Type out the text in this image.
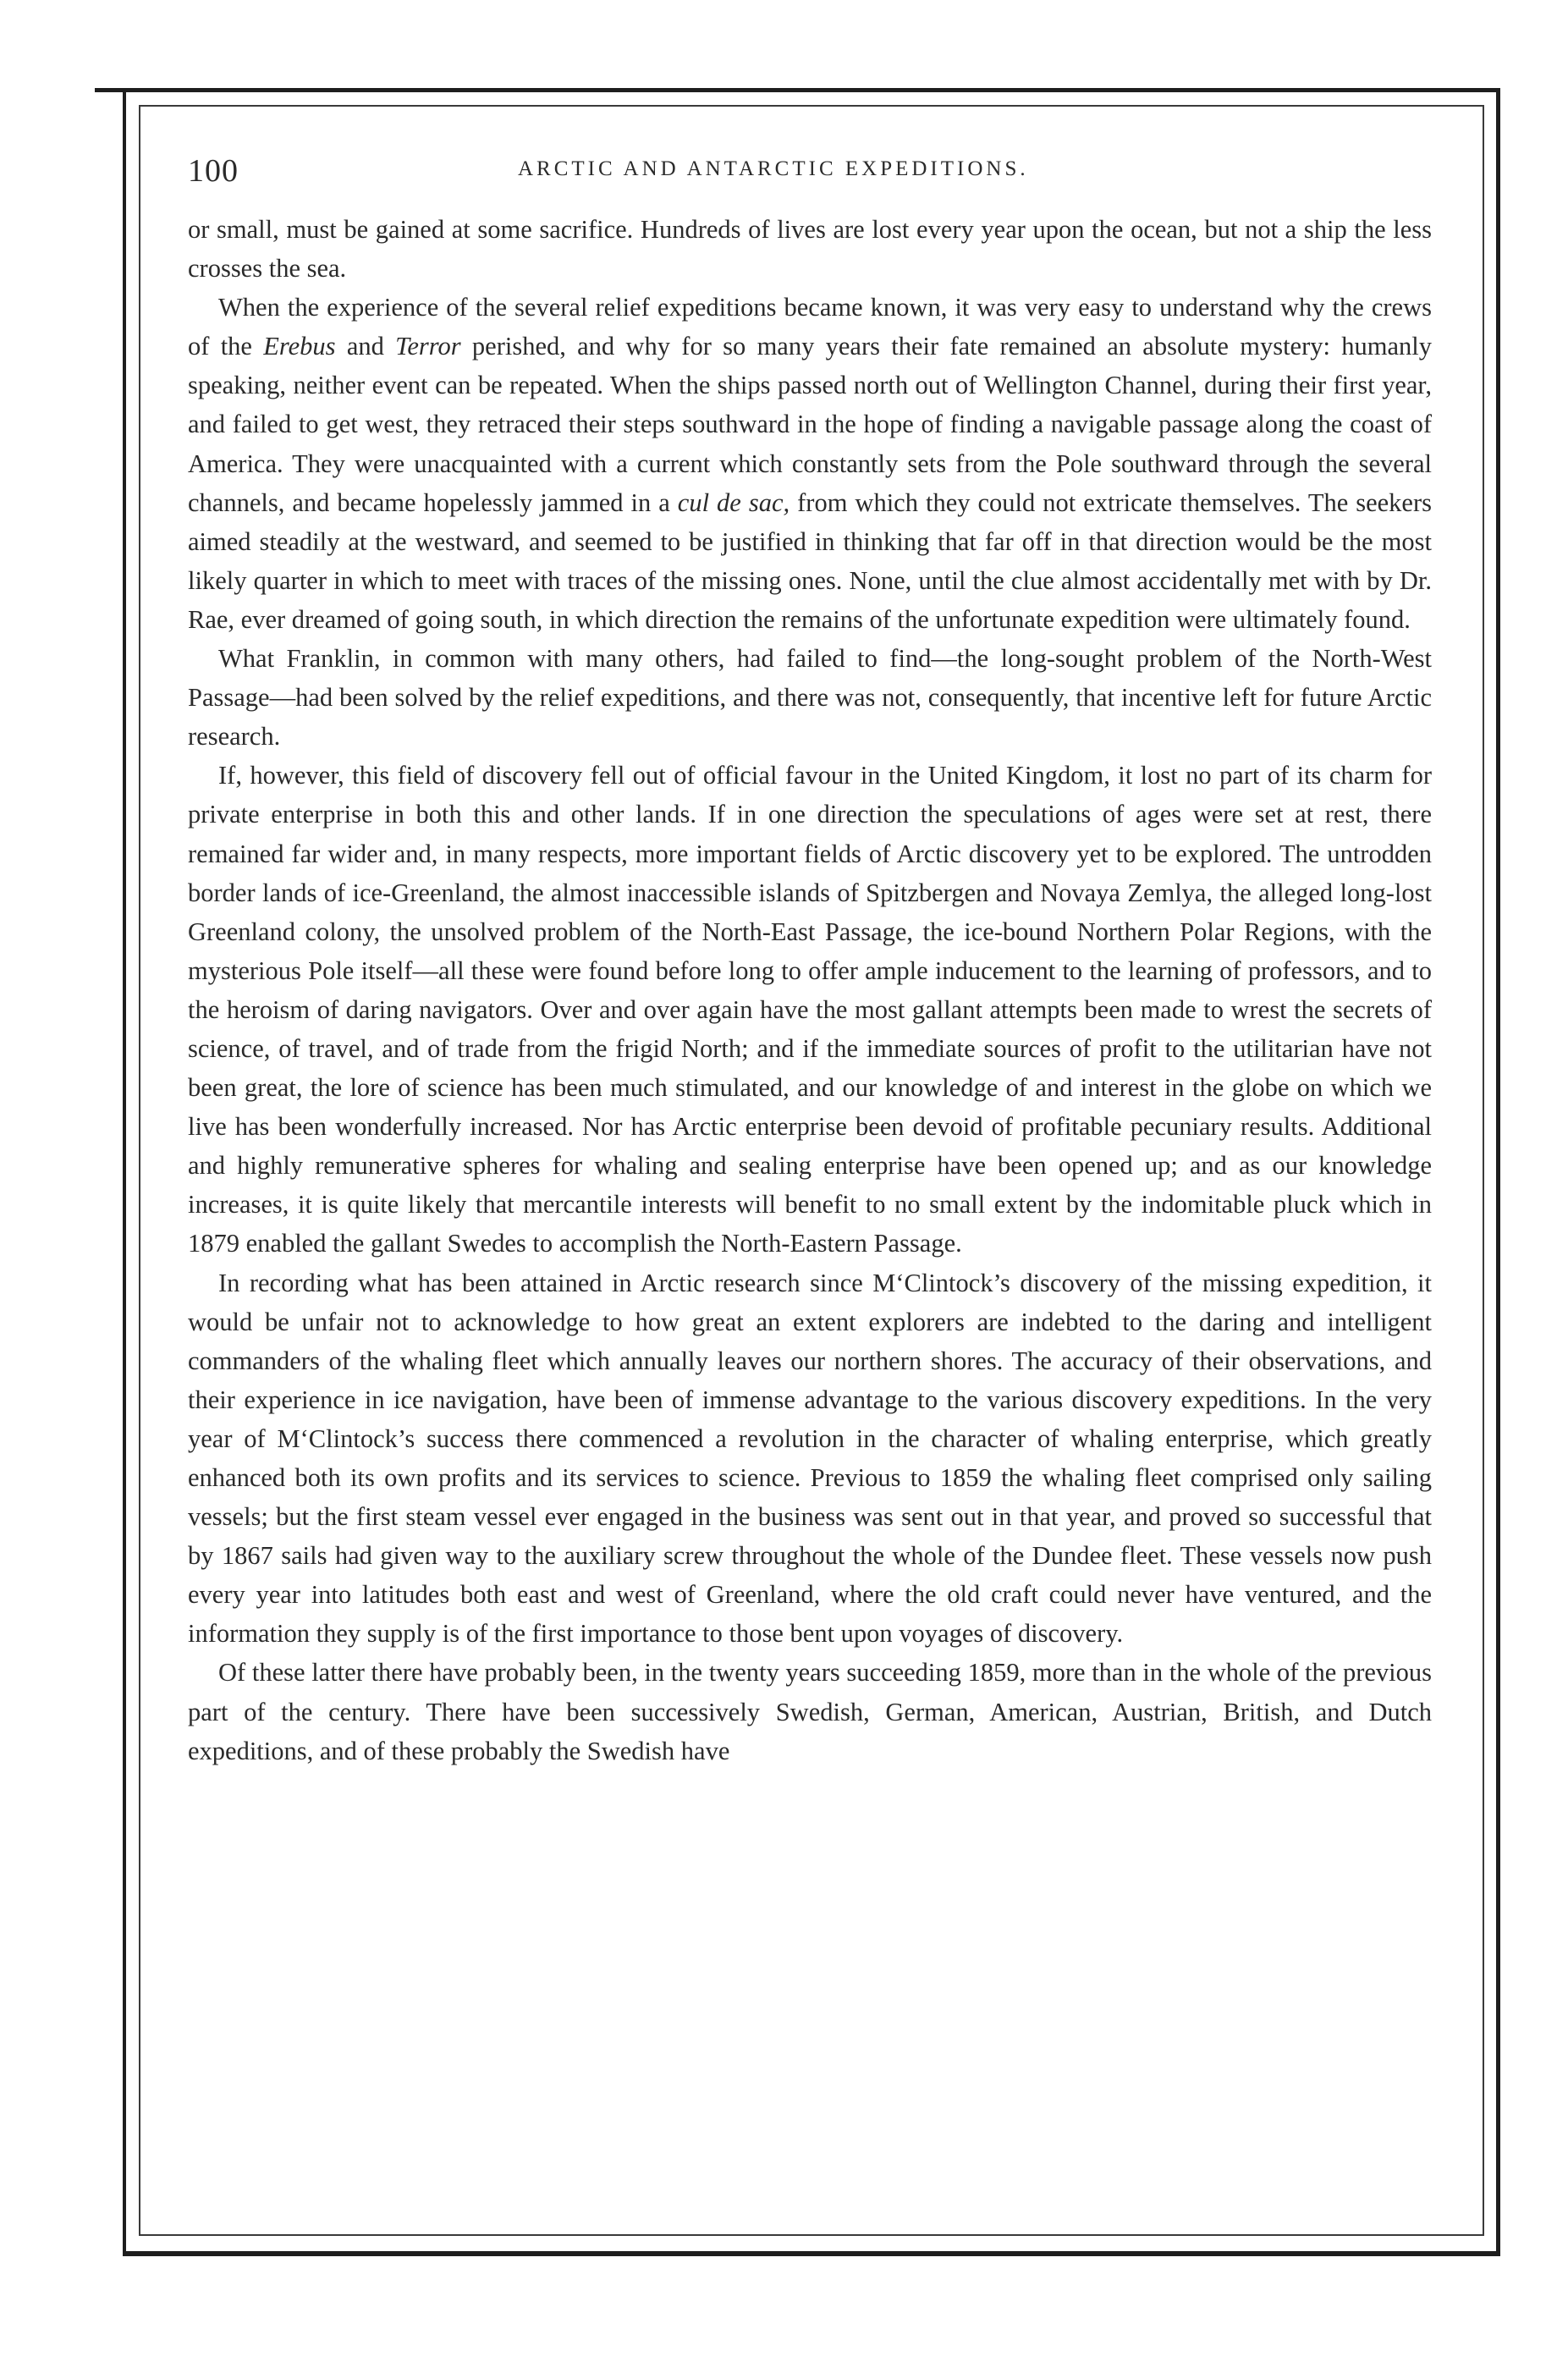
100	ARCTIC AND ANTARCTIC EXPEDITIONS.

or small, must be gained at some sacrifice. Hundreds of lives are lost every year upon the ocean, but not a ship the less crosses the sea.

When the experience of the several relief expeditions became known, it was very easy to understand why the crews of the Erebus and Terror perished, and why for so many years their fate remained an absolute mystery: humanly speaking, neither event can be repeated. When the ships passed north out of Wellington Channel, during their first year, and failed to get west, they retraced their steps southward in the hope of finding a navigable passage along the coast of America. They were unacquainted with a current which constantly sets from the Pole southward through the several channels, and became hopelessly jammed in a cul de sac, from which they could not extricate themselves. The seekers aimed steadily at the westward, and seemed to be justified in thinking that far off in that direction would be the most likely quarter in which to meet with traces of the missing ones. None, until the clue almost accidentally met with by Dr. Rae, ever dreamed of going south, in which direction the remains of the unfortunate expedition were ultimately found.

What Franklin, in common with many others, had failed to find—the long-sought problem of the North-West Passage—had been solved by the relief expeditions, and there was not, consequently, that incentive left for future Arctic research.

If, however, this field of discovery fell out of official favour in the United Kingdom, it lost no part of its charm for private enterprise in both this and other lands. If in one direction the speculations of ages were set at rest, there remained far wider and, in many respects, more important fields of Arctic discovery yet to be explored. The untrodden border lands of ice-Greenland, the almost inaccessible islands of Spitzbergen and Novaya Zemlya, the alleged long-lost Greenland colony, the unsolved problem of the North-East Passage, the ice-bound Northern Polar Regions, with the mysterious Pole itself—all these were found before long to offer ample inducement to the learning of professors, and to the heroism of daring navigators. Over and over again have the most gallant attempts been made to wrest the secrets of science, of travel, and of trade from the frigid North; and if the immediate sources of profit to the utilitarian have not been great, the lore of science has been much stimulated, and our knowledge of and interest in the globe on which we live has been wonderfully increased. Nor has Arctic enterprise been devoid of profitable pecuniary results. Additional and highly remunerative spheres for whaling and sealing enterprise have been opened up; and as our knowledge increases, it is quite likely that mercantile interests will benefit to no small extent by the indomitable pluck which in 1879 enabled the gallant Swedes to accomplish the North-Eastern Passage.

In recording what has been attained in Arctic research since M‘Clintock’s discovery of the missing expedition, it would be unfair not to acknowledge to how great an extent explorers are indebted to the daring and intelligent commanders of the whaling fleet which annually leaves our northern shores. The accuracy of their observations, and their experience in ice navigation, have been of immense advantage to the various discovery expeditions. In the very year of M‘Clintock’s success there commenced a revolution in the character of whaling enterprise, which greatly enhanced both its own profits and its services to science. Previous to 1859 the whaling fleet comprised only sailing vessels; but the first steam vessel ever engaged in the business was sent out in that year, and proved so successful that by 1867 sails had given way to the auxiliary screw throughout the whole of the Dundee fleet. These vessels now push every year into latitudes both east and west of Greenland, where the old craft could never have ventured, and the information they supply is of the first importance to those bent upon voyages of discovery.

Of these latter there have probably been, in the twenty years succeeding 1859, more than in the whole of the previous part of the century. There have been successively Swedish, German, American, Austrian, British, and Dutch expeditions, and of these probably the Swedish have
